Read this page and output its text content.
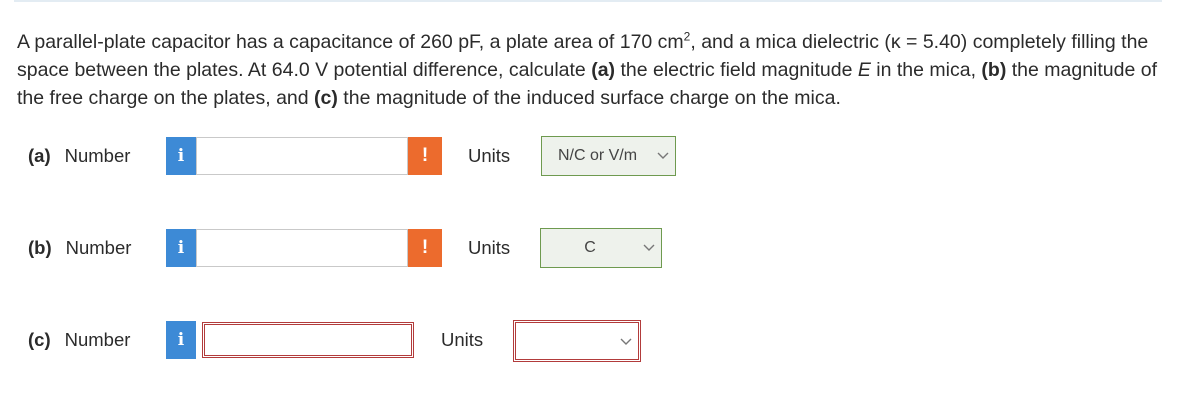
A parallel-plate capacitor has a capacitance of 260 pF, a plate area of 170 $cm^2$, and a mica dielectric (κ = 5.40) completely filling the space between the plates. At 64.0 V potential difference, calculate (a) the electric field magnitude E in the mica, (b) the magnitude of the free charge on the plates, and (c) the magnitude of the induced surface charge on the mica.
(a) Number	i	!	Units	N/C or V/m
(b) Number	i	!	Units	C
(c) Number	i	Units
